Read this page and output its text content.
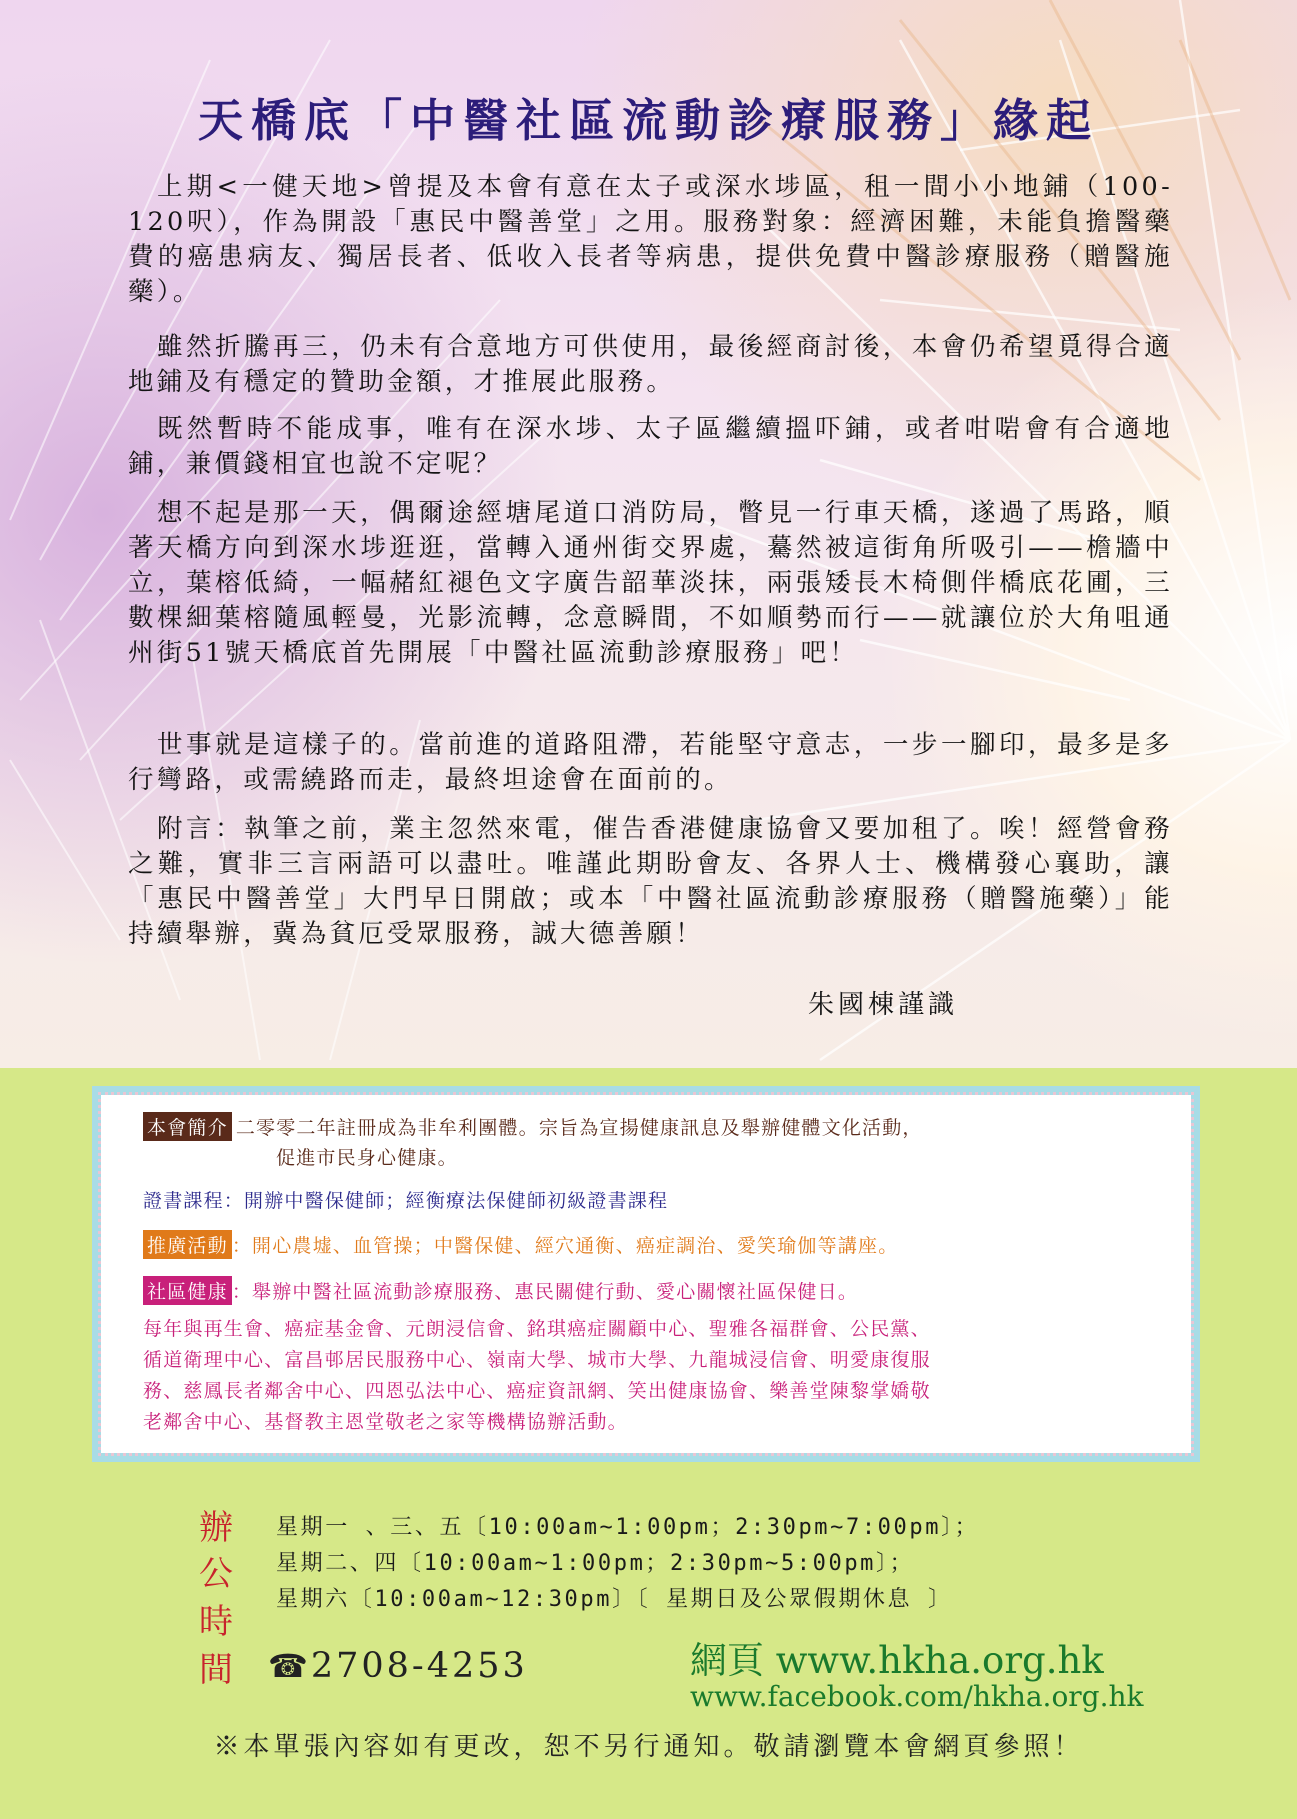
天橋底「中醫社區流動診療服務」緣起

上期<一健天地>曾提及本會有意在太子或深水埗區，租一間小小地鋪（100-120呎），作為開設「惠民中醫善堂」之用。服務對象：經濟困難，未能負擔醫藥費的癌患病友、獨居長者、低收入長者等病患，提供免費中醫診療服務（贈醫施藥）。

雖然折騰再三，仍未有合意地方可供使用，最後經商討後，本會仍希望覓得合適地鋪及有穩定的贊助金額，才推展此服務。

既然暫時不能成事，唯有在深水埗、太子區繼續搵吓鋪，或者咁啱會有合適地鋪，兼價錢相宜也說不定呢？

想不起是那一天，偶爾途經塘尾道口消防局，瞥見一行車天橋，遂過了馬路，順著天橋方向到深水埗逛逛，當轉入通州街交界處，驀然被這街角所吸引——檐牆中立，葉榕低綺，一幅赭紅褪色文字廣告韶華淡抹，兩張矮長木椅側伴橋底花圃，三數棵細葉榕隨風輕曼，光影流轉，念意瞬間，不如順勢而行——就讓位於大角咀通州街51號天橋底首先開展「中醫社區流動診療服務」吧！

世事就是這樣子的。當前進的道路阻滯，若能堅守意志，一步一腳印，最多是多行彎路，或需繞路而走，最終坦途會在面前的。

附言：執筆之前，業主忽然來電，催告香港健康協會又要加租了。唉！經營會務之難，實非三言兩語可以盡吐。唯謹此期盼會友、各界人士、機構發心襄助，讓「惠民中醫善堂」大門早日開啟；或本「中醫社區流動診療服務（贈醫施藥）」能持續舉辦，冀為貧厄受眾服務，誠大德善願！

朱國棟謹識

本會簡介 二零零二年註冊成為非牟利團體。宗旨為宣揚健康訊息及舉辦健體文化活動，

促進市民身心健康。

證書課程：開辦中醫保健師；經衡療法保健師初級證書課程

推廣活動 ：開心農墟、血管操；中醫保健、經穴通衡、癌症調治、愛笑瑜伽等講座。

社區健康 ：舉辦中醫社區流動診療服務、惠民關健行動、愛心關懷社區保健日。

每年與再生會、癌症基金會、元朗浸信會、銘琪癌症關顧中心、聖雅各福群會、公民黨、

循道衛理中心、富昌邨居民服務中心、嶺南大學、城市大學、九龍城浸信會、明愛康復服

務、慈鳳長者鄰舍中心、四恩弘法中心、癌症資訊網、笑出健康協會、樂善堂陳黎掌嬌敬

老鄰舍中心、基督教主恩堂敬老之家等機構協辦活動。

辦
公
時
間

星期一 、三、五〔10:00am~1:00pm；2:30pm~7:00pm〕；

星期二、四〔10:00am~1:00pm；2:30pm~5:00pm〕；

星期六〔10:00am~12:30pm〕〔 星期日及公眾假期休息 〕

☎2708-4253	網頁 www.hkha.org.hk
www.facebook.com/hkha.org.hk
※本單張內容如有更改，恕不另行通知。敬請瀏覽本會網頁參照！
